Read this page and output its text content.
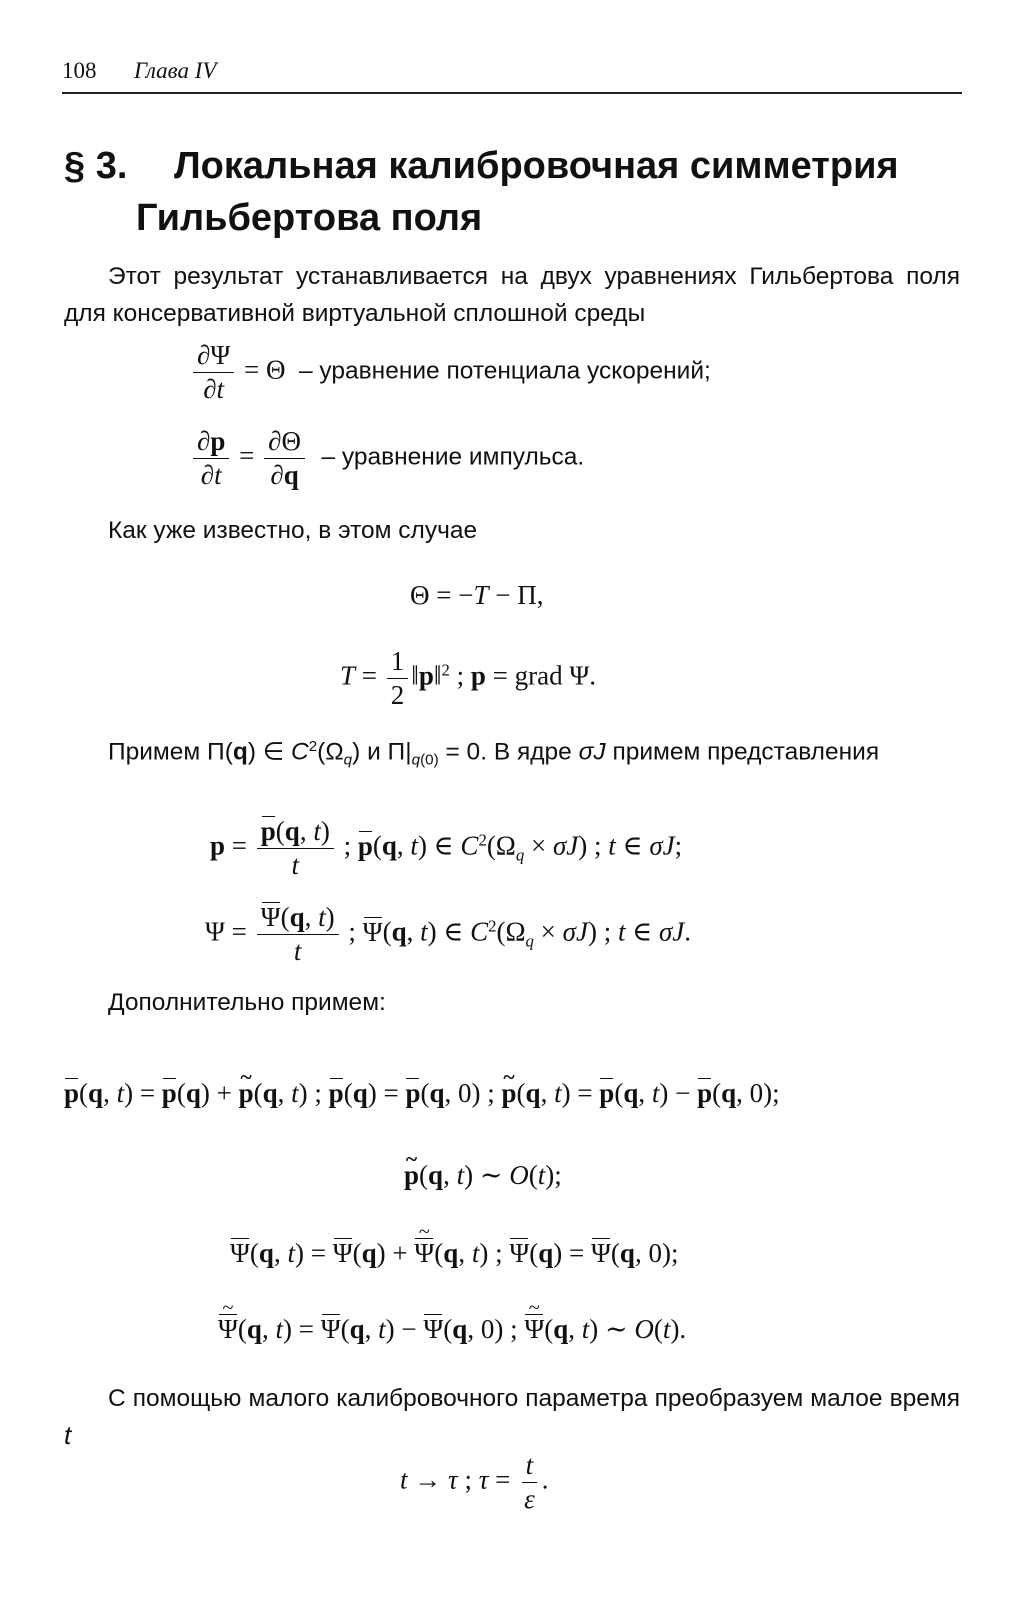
108 Глава IV
§ 3. Локальная калибровочная симметрия
Гильбертова поля
Этот результат устанавливается на двух уравнениях Гильбертова поля для консервативной виртуальной сплошной среды
$\frac{\partial\Psi}{\partial t} = \Theta$  – уравнение потенциала ускорений;
$\frac{\partial p}{\partial t} = \frac{\partial\Theta}{\partial q}$ – уравнение импульса.
Как уже известно, в этом случае
Θ = −T − Π,
$T = \frac{1}{2}$ ‖p‖$^2$ ; p = grad Ψ.
Примем Π(q) ∈ $C^2(\Omega_q)$ и $\Pi|_{q(0)} = 0$. В ядре σJ примем представления
$p = \frac{p(q, t)}{t}$ ; p(q, t) ∈ $C^2(\Omega_q \times \sigma J)$ ; t ∈ σJ;
$\Psi = \frac{\Psi(q, t)}{t}$ ; Ψ(q, t) ∈ $C^2(\Omega_q \times \sigma J)$ ; t ∈ σJ.
Дополнительно примем:
p(q, t) = p(q) + ~ p(q, t) ; p(q) = p(q, 0) ; ~ p(q, t) = p(q, t) − p(q, 0);
~ p(q, t) ∼ O(t);
Ψ(q, t) = Ψ(q) + ~ Ψ(q, t) ; Ψ(q) = Ψ(q, 0);
~ Ψ(q, t) = Ψ(q, t) − Ψ(q, 0) ; ~ Ψ(q, t) ∼ O(t).
С помощью малого калибровочного параметра преобразуем малое время t
t → τ ; $\tau = \frac{t}{\varepsilon}$ .
